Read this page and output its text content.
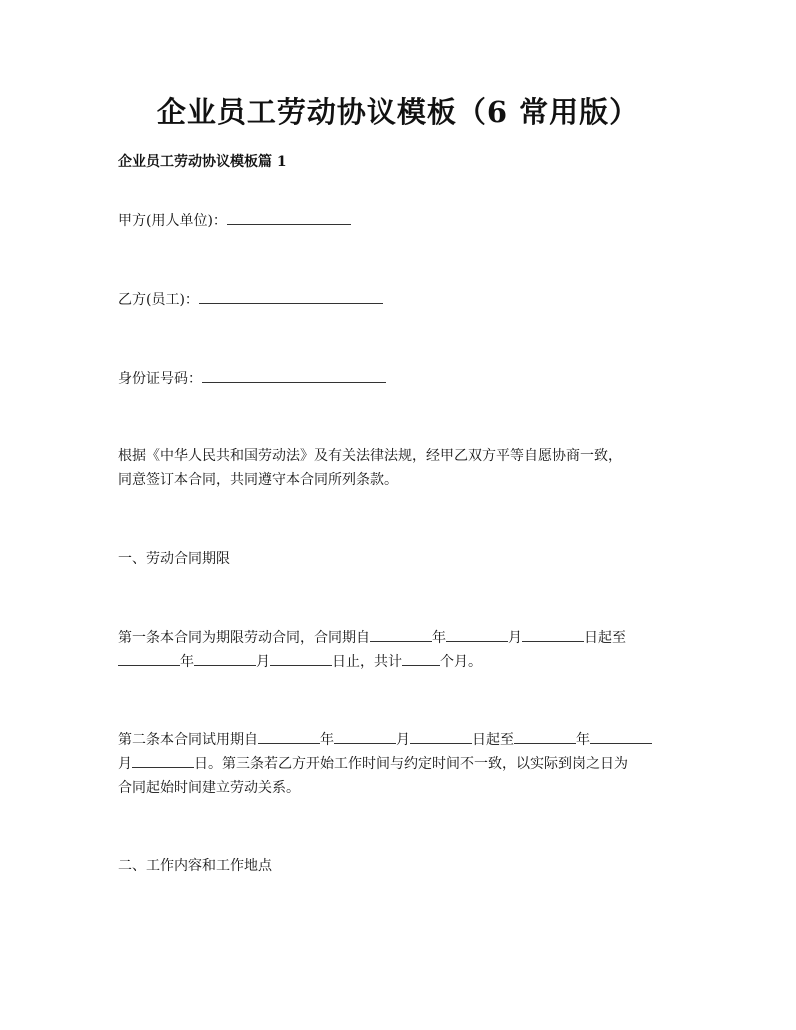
企业员工劳动协议模板（6 常用版）

企业员工劳动协议模板篇 1

甲方(用人单位)：

乙方(员工)：

身份证号码：

根据《中华人民共和国劳动法》及有关法律法规，经甲乙双方平等自愿协商一致，

同意签订本合同，共同遵守本合同所列条款。

一、劳动合同期限

第一条本合同为期限劳动合同，合同期自	年	月	日起至

年	月	日止，共计	个月。

第二条本合同试用期自	年	月	日起至	年

月	日。第三条若乙方开始工作时间与约定时间不一致，以实际到岗之日为

合同起始时间建立劳动关系。

二、工作内容和工作地点
